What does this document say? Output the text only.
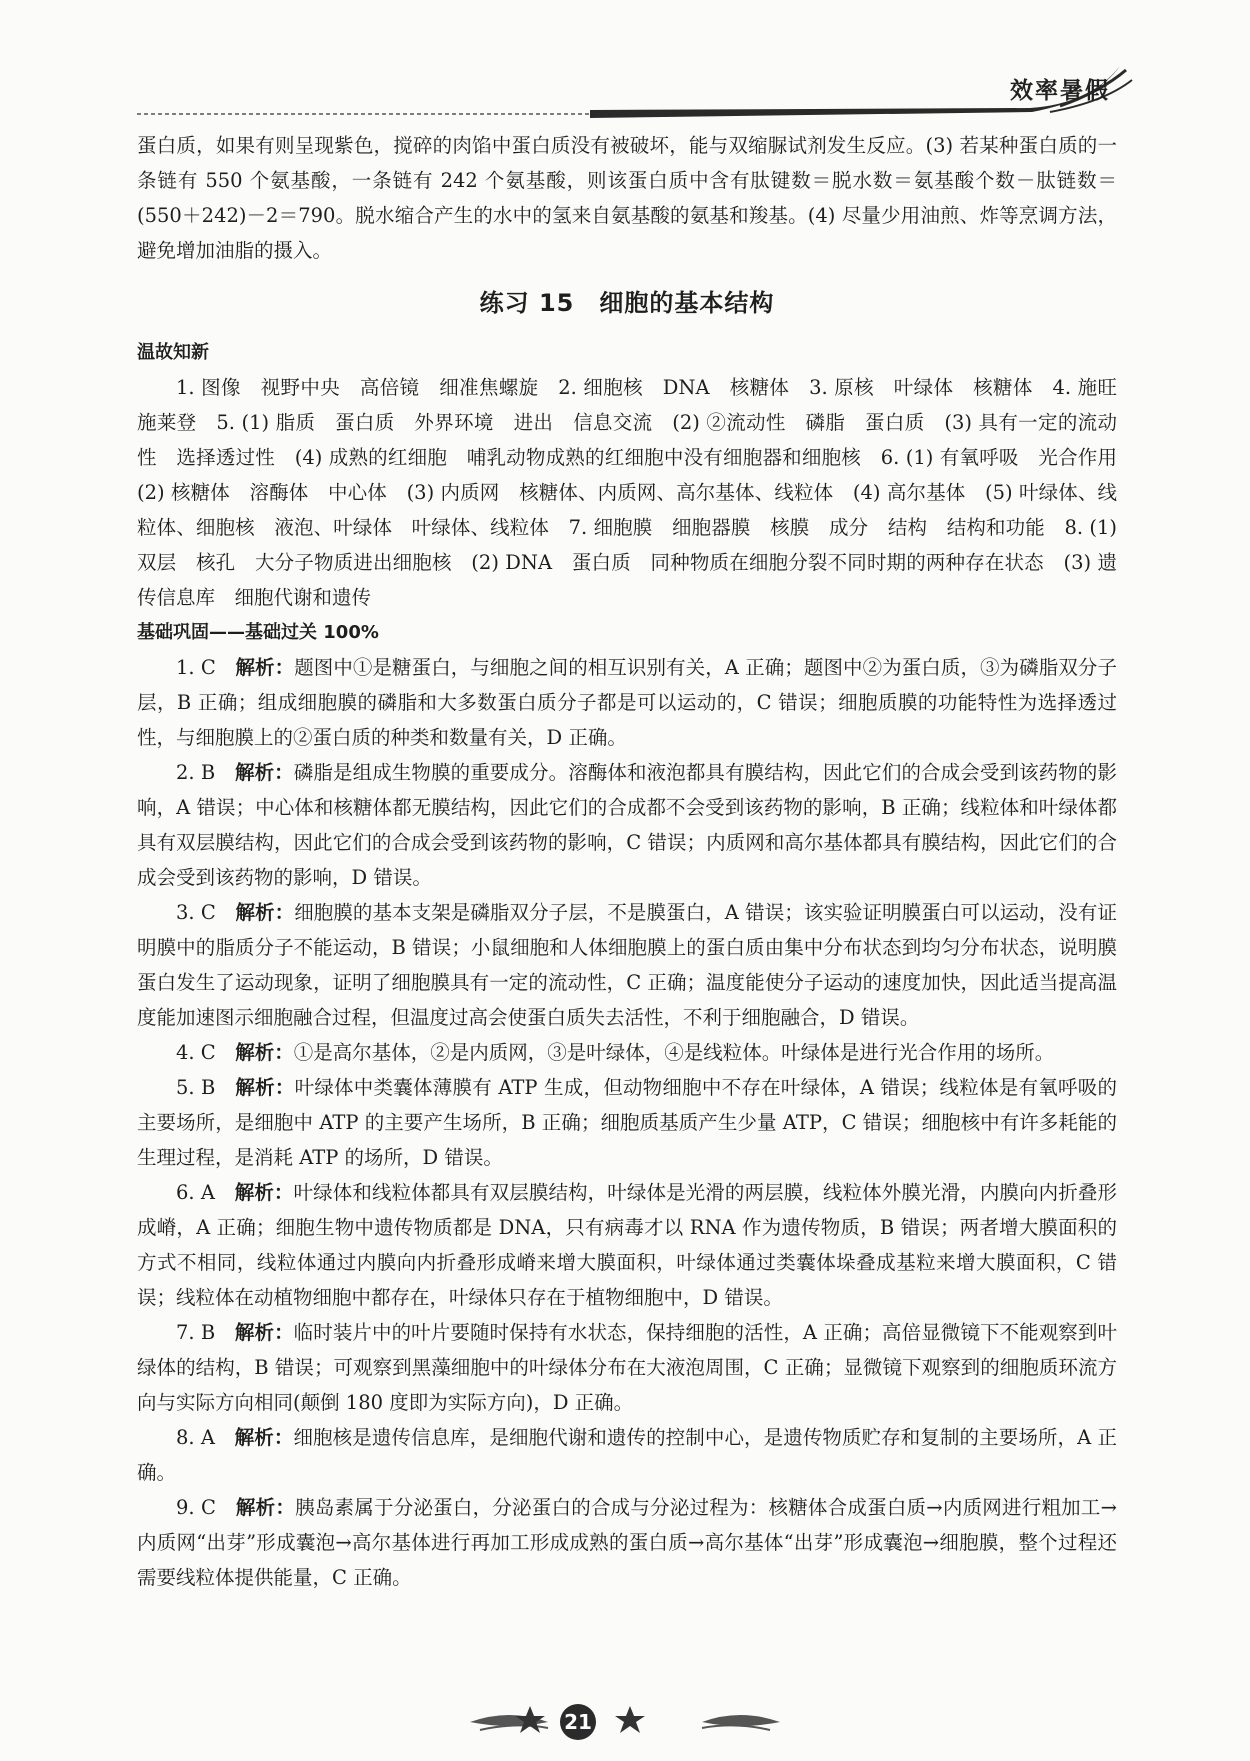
效率暑假

蛋白质，如果有则呈现紫色，搅碎的肉馅中蛋白质没有被破坏，能与双缩脲试剂发生反应。(3) 若某种蛋白质的一条链有 550 个氨基酸，一条链有 242 个氨基酸，则该蛋白质中含有肽键数＝脱水数＝氨基酸个数－肽链数＝(550＋242)－2＝790。脱水缩合产生的水中的氢来自氨基酸的氨基和羧基。(4) 尽量少用油煎、炸等烹调方法，避免增加油脂的摄入。

练习 15　细胞的基本结构

温故知新

1. 图像　视野中央　高倍镜　细准焦螺旋　2. 细胞核　DNA　核糖体　3. 原核　叶绿体　核糖体　4. 施旺　施莱登　5. (1) 脂质　蛋白质　外界环境　进出　信息交流　(2) ②流动性　磷脂　蛋白质　(3) 具有一定的流动性　选择透过性　(4) 成熟的红细胞　哺乳动物成熟的红细胞中没有细胞器和细胞核　6. (1) 有氧呼吸　光合作用　(2) 核糖体　溶酶体　中心体　(3) 内质网　核糖体、内质网、高尔基体、线粒体　(4) 高尔基体　(5) 叶绿体、线粒体、细胞核　液泡、叶绿体　叶绿体、线粒体　7. 细胞膜　细胞器膜　核膜　成分　结构　结构和功能　8. (1) 双层　核孔　大分子物质进出细胞核　(2) DNA　蛋白质　同种物质在细胞分裂不同时期的两种存在状态　(3) 遗传信息库　细胞代谢和遗传

基础巩固——基础过关 100%

1. C　 解析：题图中①是糖蛋白，与细胞之间的相互识别有关，A 正确；题图中②为蛋白质，③为磷脂双分子层，B 正确；组成细胞膜的磷脂和大多数蛋白质分子都是可以运动的，C 错误；细胞质膜的功能特性为选择透过性，与细胞膜上的②蛋白质的种类和数量有关，D 正确。

2. B　 解析：磷脂是组成生物膜的重要成分。溶酶体和液泡都具有膜结构，因此它们的合成会受到该药物的影响，A 错误；中心体和核糖体都无膜结构，因此它们的合成都不会受到该药物的影响，B 正确；线粒体和叶绿体都具有双层膜结构，因此它们的合成会受到该药物的影响，C 错误；内质网和高尔基体都具有膜结构，因此它们的合成会受到该药物的影响，D 错误。

3. C　 解析：细胞膜的基本支架是磷脂双分子层，不是膜蛋白，A 错误；该实验证明膜蛋白可以运动，没有证明膜中的脂质分子不能运动，B 错误；小鼠细胞和人体细胞膜上的蛋白质由集中分布状态到均匀分布状态，说明膜蛋白发生了运动现象，证明了细胞膜具有一定的流动性，C 正确；温度能使分子运动的速度加快，因此适当提高温度能加速图示细胞融合过程，但温度过高会使蛋白质失去活性，不利于细胞融合，D 错误。

4. C　 解析：①是高尔基体，②是内质网，③是叶绿体，④是线粒体。叶绿体是进行光合作用的场所。

5. B　 解析：叶绿体中类囊体薄膜有 ATP 生成，但动物细胞中不存在叶绿体，A 错误；线粒体是有氧呼吸的主要场所，是细胞中 ATP 的主要产生场所，B 正确；细胞质基质产生少量 ATP，C 错误；细胞核中有许多耗能的生理过程，是消耗 ATP 的场所，D 错误。

6. A　 解析：叶绿体和线粒体都具有双层膜结构，叶绿体是光滑的两层膜，线粒体外膜光滑，内膜向内折叠形成嵴，A 正确；细胞生物中遗传物质都是 DNA，只有病毒才以 RNA 作为遗传物质，B 错误；两者增大膜面积的方式不相同，线粒体通过内膜向内折叠形成嵴来增大膜面积，叶绿体通过类囊体垛叠成基粒来增大膜面积，C 错误；线粒体在动植物细胞中都存在，叶绿体只存在于植物细胞中，D 错误。

7. B　 解析：临时装片中的叶片要随时保持有水状态，保持细胞的活性，A 正确；高倍显微镜下不能观察到叶绿体的结构，B 错误；可观察到黑藻细胞中的叶绿体分布在大液泡周围，C 正确；显微镜下观察到的细胞质环流方向与实际方向相同(颠倒 180 度即为实际方向)，D 正确。

8. A　 解析：细胞核是遗传信息库，是细胞代谢和遗传的控制中心，是遗传物质贮存和复制的主要场所，A 正确。

9. C　 解析：胰岛素属于分泌蛋白，分泌蛋白的合成与分泌过程为：核糖体合成蛋白质→内质网进行粗加工→内质网“出芽”形成囊泡→高尔基体进行再加工形成成熟的蛋白质→高尔基体“出芽”形成囊泡→细胞膜，整个过程还需要线粒体提供能量，C 正确。

21
